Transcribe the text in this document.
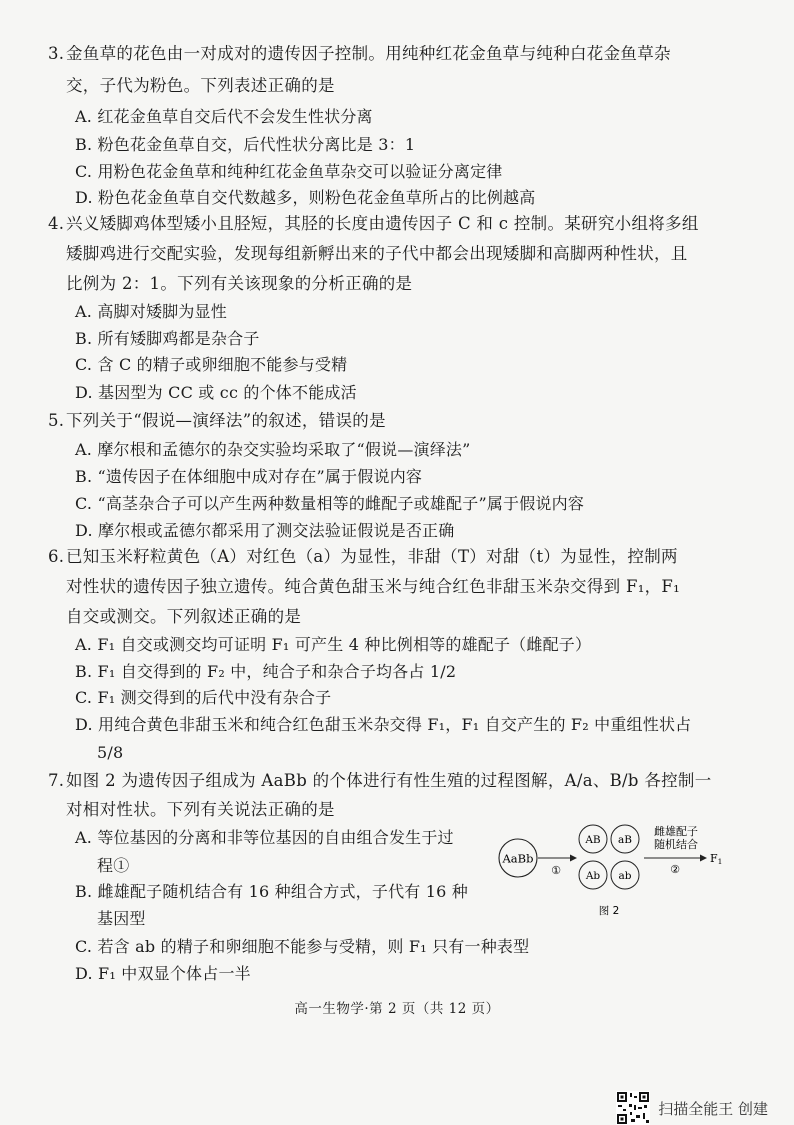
3. 金鱼草的花色由一对成对的遗传因子控制。用纯种红花金鱼草与纯种白花金鱼草杂
交，子代为粉色。下列表述正确的是
A. 红花金鱼草自交后代不会发生性状分离
B. 粉色花金鱼草自交，后代性状分离比是 3：1
C. 用粉色花金鱼草和纯种红花金鱼草杂交可以验证分离定律
D. 粉色花金鱼草自交代数越多，则粉色花金鱼草所占的比例越高
4. 兴义矮脚鸡体型矮小且胫短，其胫的长度由遗传因子 C 和 c 控制。某研究小组将多组
矮脚鸡进行交配实验，发现每组新孵出来的子代中都会出现矮脚和高脚两种性状，且
比例为 2：1。下列有关该现象的分析正确的是
A. 高脚对矮脚为显性
B. 所有矮脚鸡都是杂合子
C. 含 C 的精子或卵细胞不能参与受精
D. 基因型为 CC 或 cc 的个体不能成活
5. 下列关于“假说—演绎法”的叙述，错误的是
A. 摩尔根和孟德尔的杂交实验均采取了“假说—演绎法”
B. “遗传因子在体细胞中成对存在”属于假说内容
C. “高茎杂合子可以产生两种数量相等的雌配子或雄配子”属于假说内容
D. 摩尔根或孟德尔都采用了测交法验证假说是否正确
6. 已知玉米籽粒黄色（A）对红色（a）为显性，非甜（T）对甜（t）为显性，控制两
对性状的遗传因子独立遗传。纯合黄色甜玉米与纯合红色非甜玉米杂交得到 F₁，F₁
自交或测交。下列叙述正确的是
A. F₁ 自交或测交均可证明 F₁ 可产生 4 种比例相等的雄配子（雌配子）
B. F₁ 自交得到的 F₂ 中，纯合子和杂合子均各占 1/2
C. F₁ 测交得到的后代中没有杂合子
D. 用纯合黄色非甜玉米和纯合红色甜玉米杂交得 F₁，F₁ 自交产生的 F₂ 中重组性状占
5/8
7. 如图 2 为遗传因子组成为 AaBb 的个体进行有性生殖的过程图解，A/a、B/b 各控制一
对相对性状。下列有关说法正确的是
A. 等位基因的分离和非等位基因的自由组合发生于过
程①
B. 雌雄配子随机结合有 16 种组合方式，子代有 16 种
基因型
C. 若含 ab 的精子和卵细胞不能参与受精，则 F₁ 只有一种表型
D. F₁ 中双显个体占一半
AaBb
①
AB aB
Ab ab
雌雄配子
随机结合
F1
②
图 2
高一生物学·第 2 页（共 12 页）
扫描全能王 创建
